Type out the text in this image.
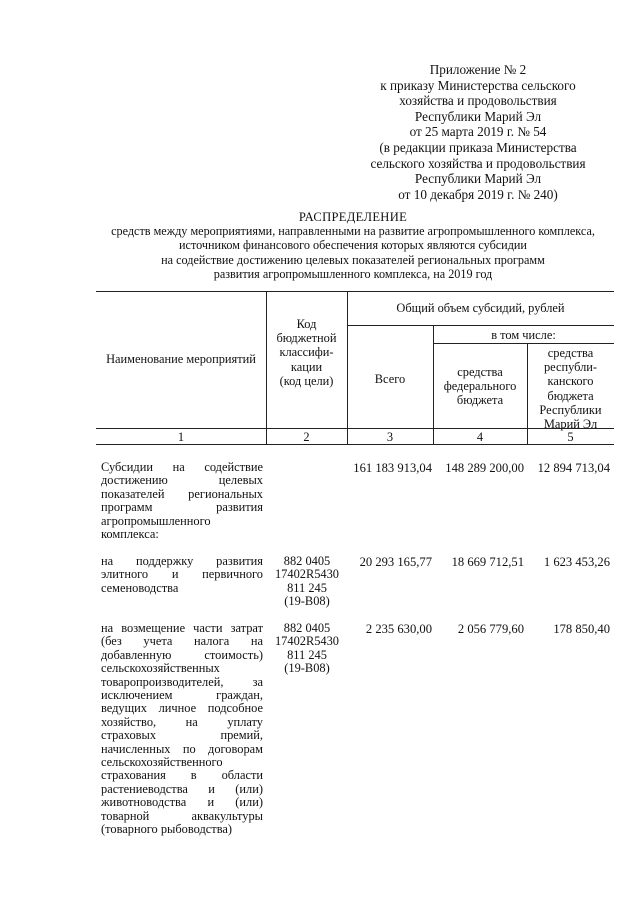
Приложение № 2
к приказу Министерства сельского
хозяйства и продовольствия
Республики Марий Эл
от 25 марта 2019 г. № 54
(в редакции приказа Министерства
сельского хозяйства и продовольствия
Республики Марий Эл
от 10 декабря 2019 г. № 240)
РАСПРЕДЕЛЕНИЕ
средств между мероприятиями, направленными на развитие агропромышленного комплекса,
источником финансового обеспечения которых являются субсидии
на содействие достижению целевых показателей региональных программ
развития агропромышленного комплекса, на 2019 год
Наименование мероприятий
Код
бюджетной
классифи-
кации
(код цели)
Общий объем субсидий, рублей
в том числе:
Всего	средства
федерального
бюджета
средства
республи-
канского
бюджета
Республики
Марий Эл
1	2	3	4	5
Субсидии на содействие достижению целевых показателей региональных программ развития агропромышленного комплекса:
161 183 913,04	148 289 200,00	12 894 713,04
на поддержку развития элитного и первичного семеноводства
882 0405
17402R5430
811 245
(19-В08)
20 293 165,77	18 669 712,51	1 623 453,26
на возмещение части затрат (без учета налога на добавленную стоимость) сельскохозяйственных товаропроизводителей, за исключением граждан, ведущих личное подсобное хозяйство, на уплату страховых премий, начисленных по договорам сельскохозяйственного страхования в области растениеводства и (или) животноводства и (или) товарной аквакультуры (товарного рыбоводства)
882 0405
17402R5430
811 245
(19-В08)
2 235 630,00	2 056 779,60	178 850,40
